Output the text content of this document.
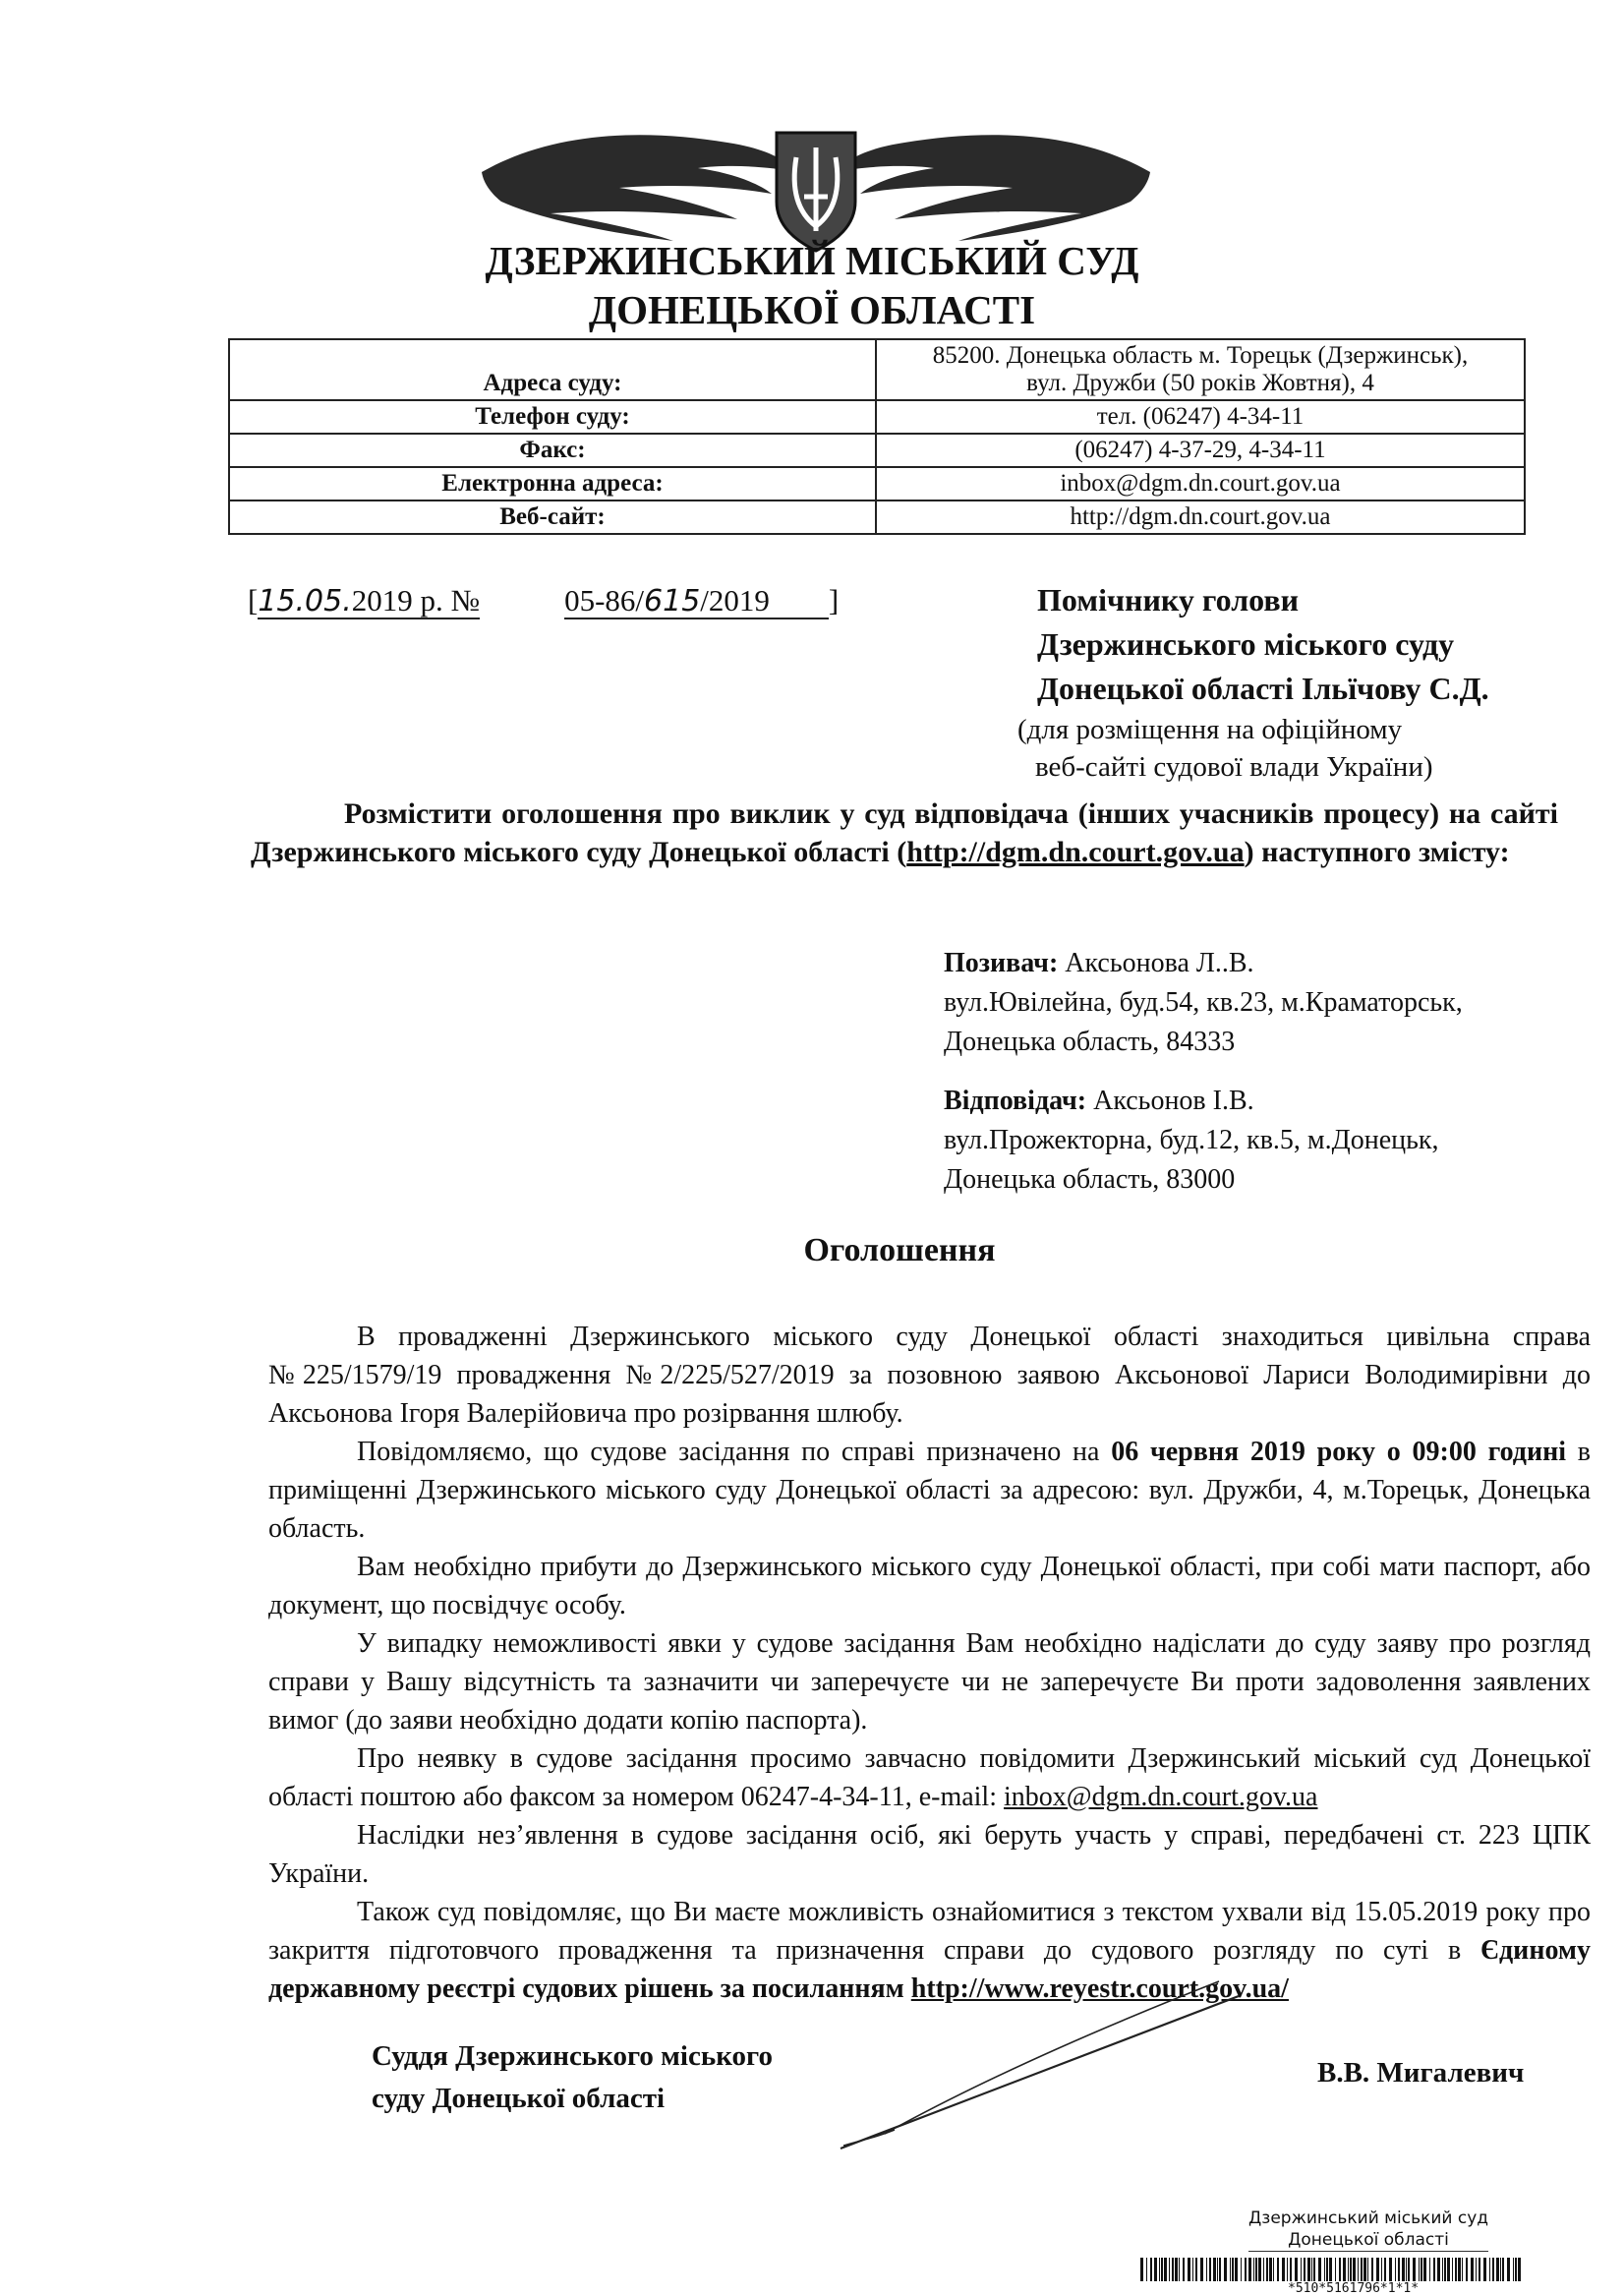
ДЗЕРЖИНСЬКИЙ МІСЬКИЙ СУД
ДОНЕЦЬКОЇ ОБЛАСТІ
Адреса суду:	85200. Донецька область м. Торецьк (Дзержинськ),
вул. Дружби (50 років Жовтня), 4

Телефон суду:	тел. (06247) 4-34-11
Факс:	(06247) 4-37-29, 4-34-11
Електронна адреса:	inbox@dgm.dn.court.gov.ua
Веб-сайт:	http://dgm.dn.court.gov.ua
[15.05.2019 р. №	05-86/615/2019 ]	Помічнику голови
Дзержинського міського суду
Донецької області Ільїчову С.Д.
(для розміщення на офіційному
веб-сайті судової влади України)

Розмістити оголошення про виклик у суд відповідача (інших учасників процесу) на сайті Дзержинського міського суду Донецької області (http://dgm.dn.court.gov.ua) наступного змісту:

Позивач: Аксьонова Л..В.
вул.Ювілейна, буд.54, кв.23, м.Краматорськ,
Донецька область, 84333
Відповідач: Аксьонов І.В.
вул.Прожекторна, буд.12, кв.5, м.Донецьк,
Донецька область, 83000
Оголошення

В провадженні Дзержинського міського суду Донецької області знаходиться цивільна справа №225/1579/19 провадження №2/225/527/2019 за позовною заявою Аксьонової Лариси Володимирівни до Аксьонова Ігоря Валерійовича про розірвання шлюбу.

Повідомляємо, що судове засідання по справі призначено на 06 червня 2019 року о 09:00 годині в приміщенні Дзержинського міського суду Донецької області за адресою: вул. Дружби, 4, м.Торецьк, Донецька область.

Вам необхідно прибути до Дзержинського міського суду Донецької області, при собі мати паспорт, або документ, що посвідчує особу.

У випадку неможливості явки у судове засідання Вам необхідно надіслати до суду заяву про розгляд справи у Вашу відсутність та зазначити чи заперечуєте чи не заперечуєте Ви проти задоволення заявлених вимог (до заяви необхідно додати копію паспорта).

Про неявку в судове засідання просимо завчасно повідомити Дзержинський міський суд Донецької області поштою або факсом за номером 06247-4-34-11, e-mail: inbox@dgm.dn.court.gov.ua

Наслідки нез’явлення в судове засідання осіб, які беруть участь у справі, передбачені ст. 223 ЦПК України.

Також суд повідомляє, що Ви маєте можливість ознайомитися з текстом ухвали від 15.05.2019 року про закриття підготовчого провадження та призначення справи до судового розгляду по суті в Єдиному державному реєстрі судових рішень за посиланням http://www.reyestr.court.gov.ua/

Суддя Дзержинського міського
суду Донецької області
В.В. Мигалевич
Дзержинський міський суд
Донецької області
*510*5161796*1*1*
